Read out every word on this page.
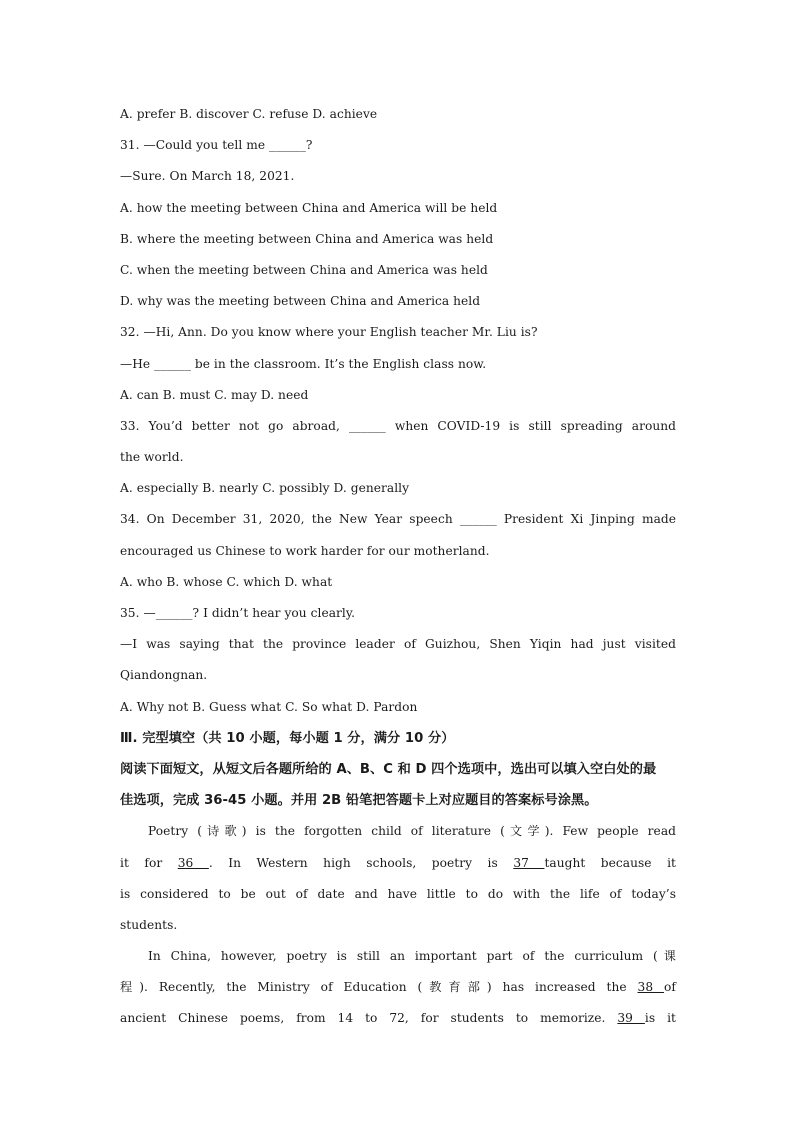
A. prefer B. discover C. refuse D. achieve
31. —Could you tell me ______?
—Sure. On March 18, 2021.
A. how the meeting between China and America will be held
B. where the meeting between China and America was held
C. when the meeting between China and America was held
D. why was the meeting between China and America held
32. —Hi, Ann. Do you know where your English teacher Mr. Liu is?
—He ______ be in the classroom. It’s the English class now.
A. can B. must C. may D. need
33. You’d better not go abroad, ______ when COVID-19 is still spreading around
the world.
A. especially B. nearly C. possibly D. generally
34. On December 31, 2020, the New Year speech ______ President Xi Jinping made
encouraged us Chinese to work harder for our motherland.
A. who B. whose C. which D. what
35. —______? I didn’t hear you clearly.
—I was saying that the province leader of Guizhou, Shen Yiqin had just visited
Qiandongnan.
A. Why not B. Guess what C. So what D. Pardon
Ⅲ. 完型填空（共 10 小题，每小题 1 分，满分 10 分）
阅读下面短文，从短文后各题所给的 A、B、C 和 D 四个选项中，选出可以填入空白处的最
佳选项，完成 36-45 小题。并用 2B 铅笔把答题卡上对应题目的答案标号涂黑。
Poetry (诗歌) is the forgotten child of literature (文学). Few people read
it for 36 . In Western high schools, poetry is 37 taught because it
is considered to be out of date and have little to do with the life of today’s
students.
In China, however, poetry is still an important part of the curriculum (课
程). Recently, the Ministry of Education (教育部) has increased the 38 of
ancient Chinese poems, from 14 to 72, for students to memorize. 39 is it
